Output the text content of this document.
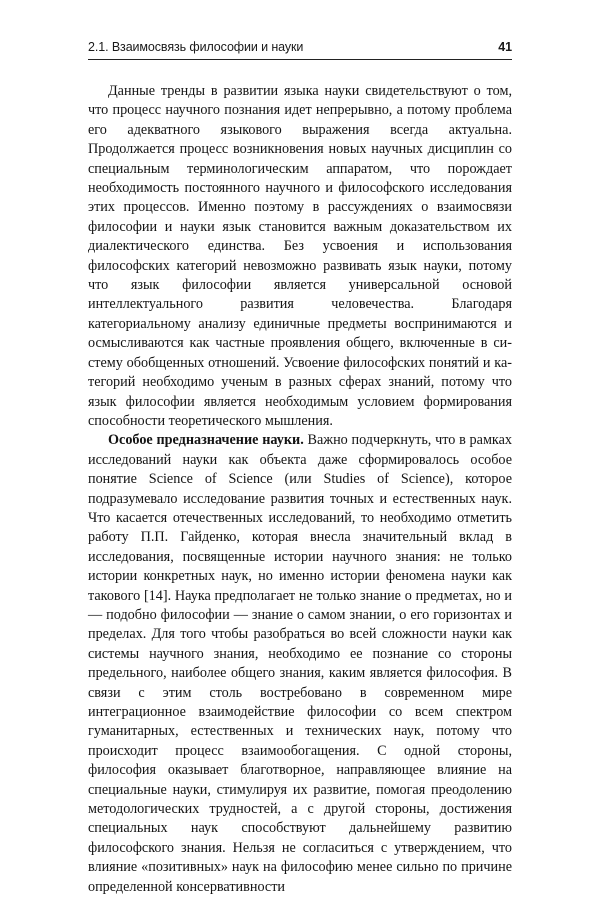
2.1. Взаимосвязь философии и науки	41

Данные тренды в развитии языка науки свидетельствуют о том, что процесс научного познания идет непрерывно, а потому проблема его адекватного языкового выражения всегда актуальна. Продолжается процесс возникновения новых научных дисциплин со специальным терминологическим аппаратом, что порождает необходимость постоянного научного и философского исследования этих процессов. Именно поэтому в рассуждениях о взаимосвязи философии и науки язык становится важным доказательством их диалектического единства. Без усвоения и использования философских категорий невозможно развивать язык науки, потому что язык философии является универсальной основой интеллектуального развития человечества. Благодаря категориальному анализу единичные предметы воспринимаются и осмысливаются как частные проявления общего, включенные в систему обобщенных отношений. Усвоение философских понятий и категорий необходимо ученым в разных сферах знаний, потому что язык философии является необходимым условием формирования способности теоретического мышления.

Особое предназначение науки. Важно подчеркнуть, что в рамках исследований науки как объекта даже сформировалось особое понятие Science of Science (или Studies of Science), которое подразумевало исследование развития точных и естественных наук. Что касается отечественных исследований, то необходимо отметить работу П.П. Гайденко, которая внесла значительный вклад в исследования, посвященные истории научного знания: не только истории конкретных наук, но именно истории феномена науки как такового [14]. Наука предполагает не только знание о предметах, но и — подобно философии — знание о самом знании, о его горизонтах и пределах. Для того чтобы разобраться во всей сложности науки как системы научного знания, необходимо ее познание со стороны предельного, наиболее общего знания, каким является философия. В связи с этим столь востребовано в современном мире интеграционное взаимодействие философии со всем спектром гуманитарных, естественных и технических наук, потому что происходит процесс взаимообогащения. С одной стороны, философия оказывает благотворное, направляющее влияние на специальные науки, стимулируя их развитие, помогая преодолению методологических трудностей, а с другой стороны, достижения специальных наук способствуют дальнейшему развитию философского знания. Нельзя не согласиться с утверждением, что влияние «позитивных» наук на философию менее сильно по причине определенной консервативности
